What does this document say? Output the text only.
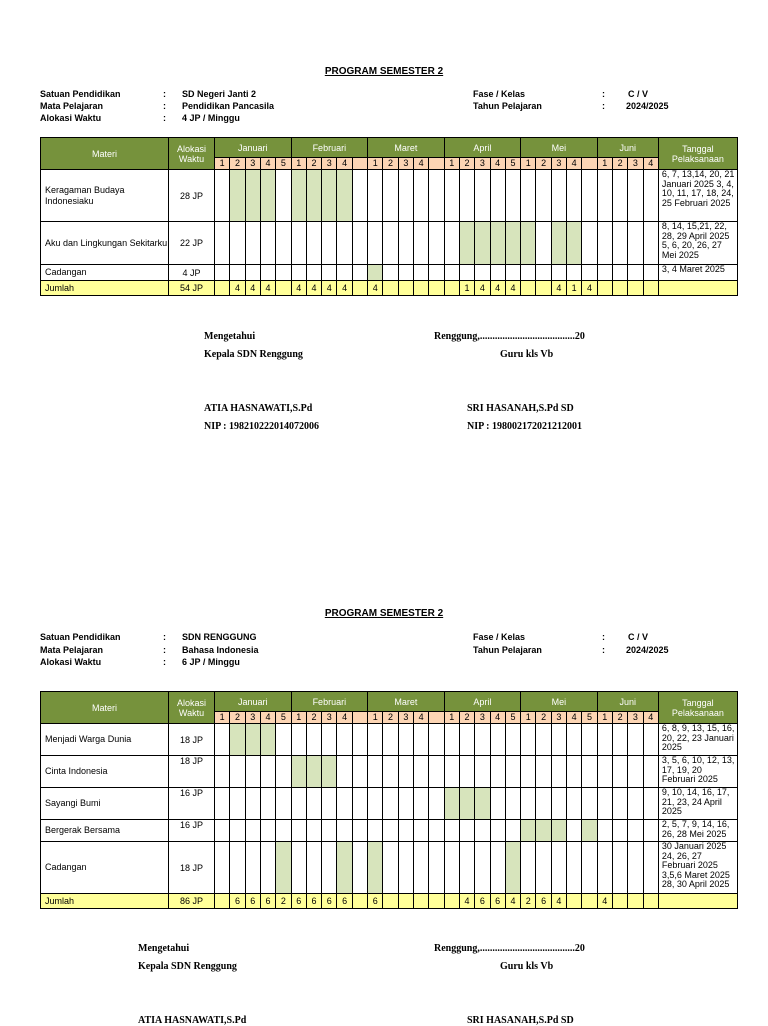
PROGRAM SEMESTER 2
Satuan Pendidikan	: SD Negeri Janti 2
Mata Pelajaran	: Pendidikan Pancasila
Alokasi Waktu	: 4 JP / Minggu
Fase / Kelas	:	C / V
Tahun Pelajaran	: 2024/2025
Materi	Alokasi Waktu	Januari					Februari					Maret					April					Mei					Juni				Tanggal Pelaksanaan
		1	2	3	4	5	1	2	3	4		1	2	3	4		1	2	3	4	5	1	2	3	4		1	2	3	4	
Keragaman Budaya Indonesiaku	28 JP																														6, 7, 13,14, 20, 21 Januari 2025 3, 4, 10, 11, 17, 18, 24, 25 Februari 2025
Aku dan Lingkungan Sekitarku	22 JP																														8, 14, 15,21, 22, 28, 29 April 2025 5, 6, 20, 26, 27 Mei 2025
Cadangan	4 JP																														3, 4 Maret 2025
Jumlah	54 JP		4	4	4		4	4	4	4		4						1	4	4	4			4	1	4					
Mengetahui
Kepala SDN Renggung
Renggung,......................................20
Guru kls Vb
ATIA HASNAWATI,S.Pd
NIP : 198210222014072006
SRI HASANAH,S.Pd SD
NIP : 198002172021212001
PROGRAM SEMESTER 2
Satuan Pendidikan	: SDN RENGGUNG
Mata Pelajaran	: Bahasa Indonesia
Alokasi Waktu	: 6 JP / Minggu
Fase / Kelas	:	C / V
Tahun Pelajaran	: 2024/2025
Materi	Alokasi Waktu	Januari					Februari					Maret					April					Mei					Juni				Tanggal Pelaksanaan
		1	2	3	4	5	1	2	3	4		1	2	3	4		1	2	3	4	5	1	2	3	4	5	1	2	3	4	
Menjadi Warga Dunia	18 JP																														6, 8, 9, 13, 15, 16, 20, 22, 23 Januari 2025
Cinta Indonesia	18 JP																														3, 5, 6, 10, 12, 13, 17, 19, 20 Februari 2025
Sayangi Bumi	16 JP																														9, 10, 14, 16, 17, 21, 23, 24 April 2025
Bergerak Bersama	16 JP																														2, 5, 7, 9, 14, 16, 26, 28 Mei 2025
Cadangan	18 JP																														30 Januari 2025 24, 26, 27 Februari 2025 3,5,6 Maret 2025 28, 30 April 2025
Jumlah	86 JP		6	6	6	2	6	6	6	6		6						4	6	6	4	2	6	4			4				
Mengetahui
Kepala SDN Renggung
Renggung,......................................20
Guru kls Vb
ATIA HASNAWATI,S.Pd	SRI HASANAH,S.Pd SD
